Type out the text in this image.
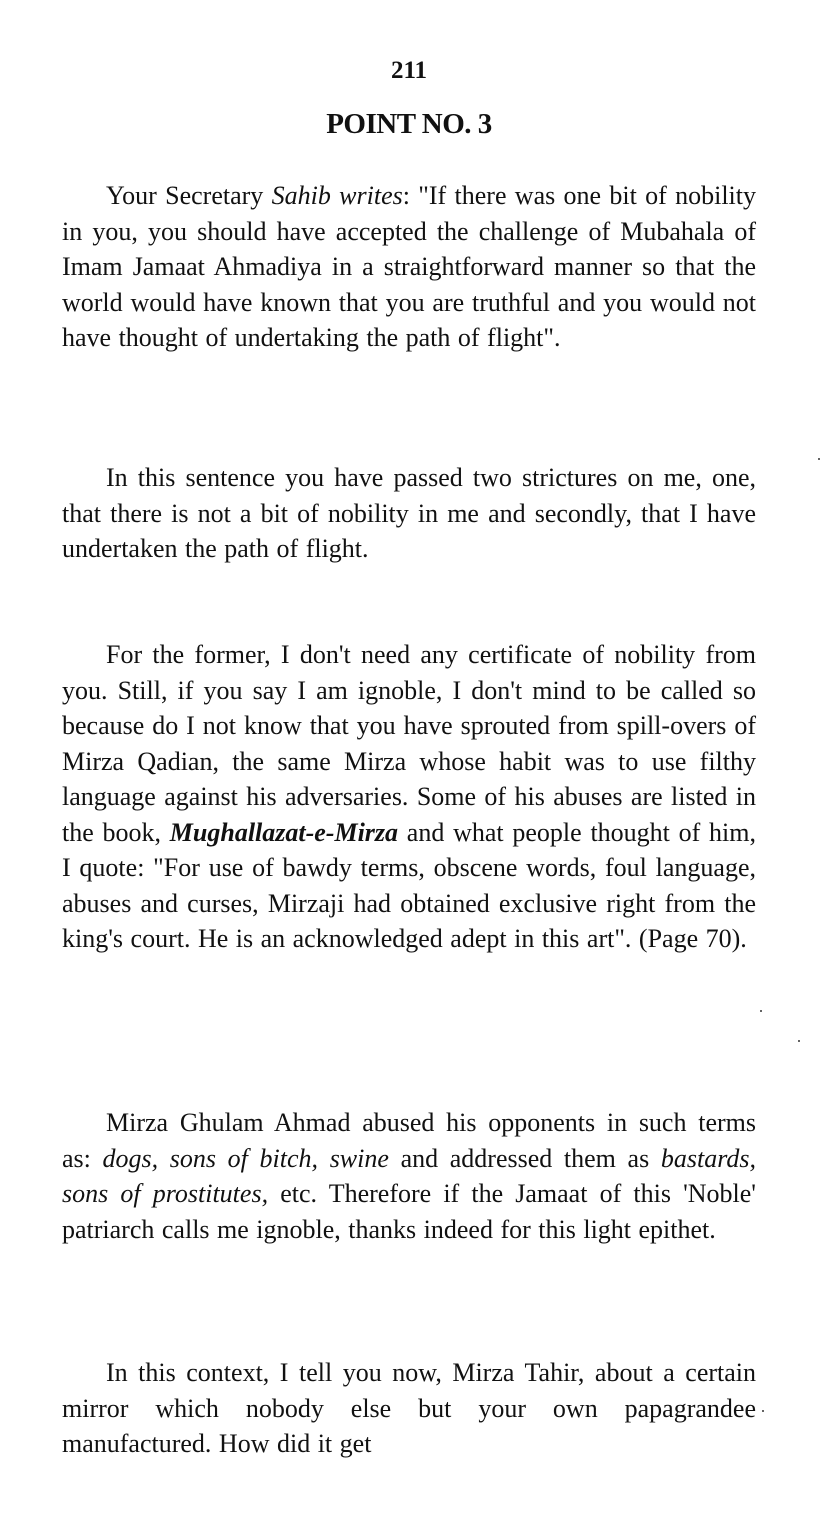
211
POINT NO. 3

Your Secretary Sahib writes: "If there was one bit of nobility in you, you should have accepted the challenge of Mubahala of Imam Jamaat Ahmadiya in a straightforward manner so that the world would have known that you are truthful and you would not have thought of undertaking the path of flight".

In this sentence you have passed two strictures on me, one, that there is not a bit of nobility in me and secondly, that I have undertaken the path of flight.

For the former, I don't need any certificate of nobility from you. Still, if you say I am ignoble, I don't mind to be called so because do I not know that you have sprouted from spill-overs of Mirza Qadian, the same Mirza whose habit was to use filthy language against his adversaries. Some of his abuses are listed in the book, Mughallazat-e-Mirza and what people thought of him, I quote: "For use of bawdy terms, obscene words, foul language, abuses and curses, Mirzaji had obtained exclusive right from the king's court. He is an acknowledged adept in this art". (Page 70).

Mirza Ghulam Ahmad abused his opponents in such terms as: dogs, sons of bitch, swine and addressed them as bastards, sons of prostitutes, etc. Therefore if the Jamaat of this 'Noble' patriarch calls me ignoble, thanks indeed for this light epithet.

In this context, I tell you now, Mirza Tahir, about a certain mirror which nobody else but your own papagrandee manufactured. How did it get
